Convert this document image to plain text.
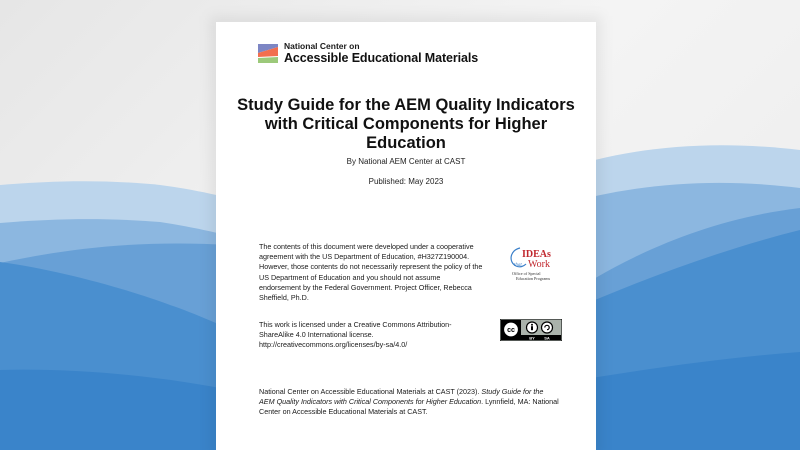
National Center on
Accessible Educational Materials
Study Guide for the AEM Quality Indicators with Critical Components for Higher Education
By National AEM Center at CAST
Published: May 2023
The contents of this document were developed under a cooperative agreement with the US Department of Education, #H327Z190004. However, those contents do not necessarily represent the policy of the US Department of Education and you should not assume endorsement by the Federal Government. Project Officer, Rebecca Sheffield, Ph.D.
IDEAs
that Work
Office of Special
Education Programs
This work is licensed under a Creative Commons Attribution-ShareAlike 4.0 International license. http://creativecommons.org/licenses/by-sa/4.0/
cc
BY SA
National Center on Accessible Educational Materials at CAST (2023). Study Guide for the AEM Quality Indicators with Critical Components for Higher Education. Lynnfield, MA: National Center on Accessible Educational Materials at CAST.
